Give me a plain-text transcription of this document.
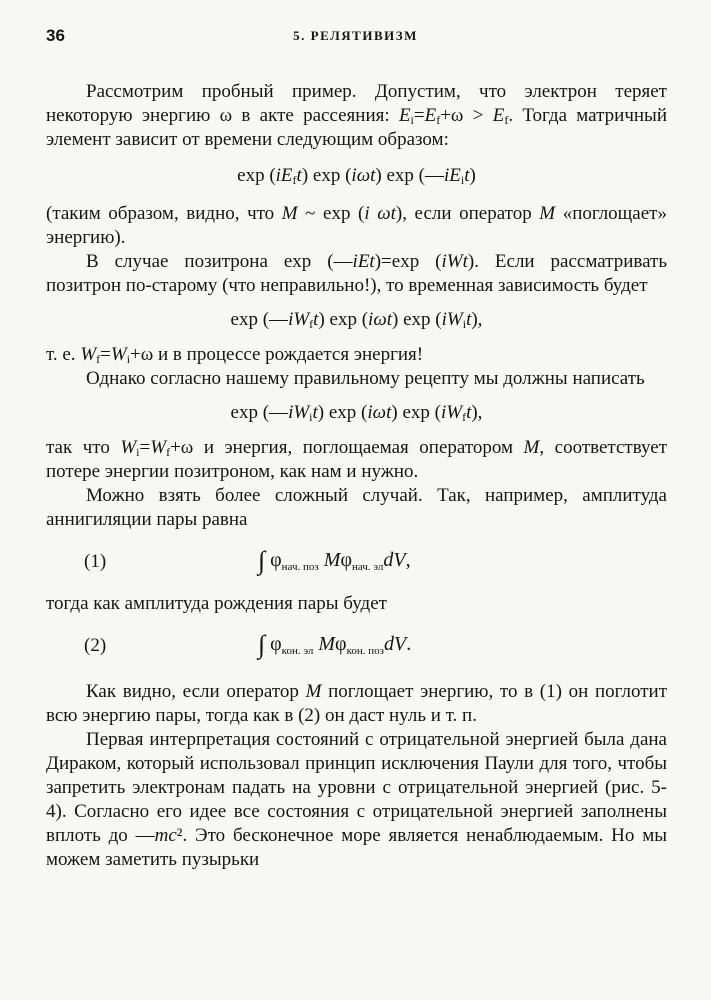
36	5. РЕЛЯТИВИЗМ

Рассмотрим пробный пример. Допустим, что электрон теряет некоторую энергию ω в акте рассеяния: $E_i=E_f+\omega > E_f$. Тогда матричный элемент зависит от времени следующим образом:

$\exp (iE_ft)$ exp (iωt) $\exp (—iE_it)$

(таким образом, видно, что M ~ exp (i ωt), если оператор M «поглощает» энергию).

В случае позитрона exp (—iEt)=exp (iWt). Если рассматривать позитрон по-старому (что неправильно!), то временная зависимость будет

$\exp (—iW_ft)$ exp (iωt) $\exp (iW_it)$,

т. е. $W_f=W_i+\omega$ и в процессе рождается энергия!

Однако согласно нашему правильному рецепту мы должны написать

$\exp (—iW_it)$ exp (iωt) $\exp (iW_ft)$,

так что $W_i=W_f+\omega$ и энергия, поглощаемая оператором M, соответствует потере энергии позитроном, как нам и нужно.

Можно взять более сложный случай. Так, например, амплитуда аннигиляции пары равна

(1)	∫ $\varphi_{нач. поз}$ $M\varphi_{нач. эл}dV$,

тогда как амплитуда рождения пары будет

(2)	∫ $\varphi_{кон. эл}$ $M\varphi_{кон. поз}dV$.

Как видно, если оператор M поглощает энергию, то в (1) он поглотит всю энергию пары, тогда как в (2) он даст нуль и т. п.

Первая интерпретация состояний с отрицательной энергией была дана Дираком, который использовал принцип исключения Паули для того, чтобы запретить электронам падать на уровни с отрицательной энергией (рис. 5-4). Согласно его идее все состояния с отрицательной энергией заполнены вплоть до —mc². Это бесконечное море является ненаблюдаемым. Но мы можем заметить пузырьки
